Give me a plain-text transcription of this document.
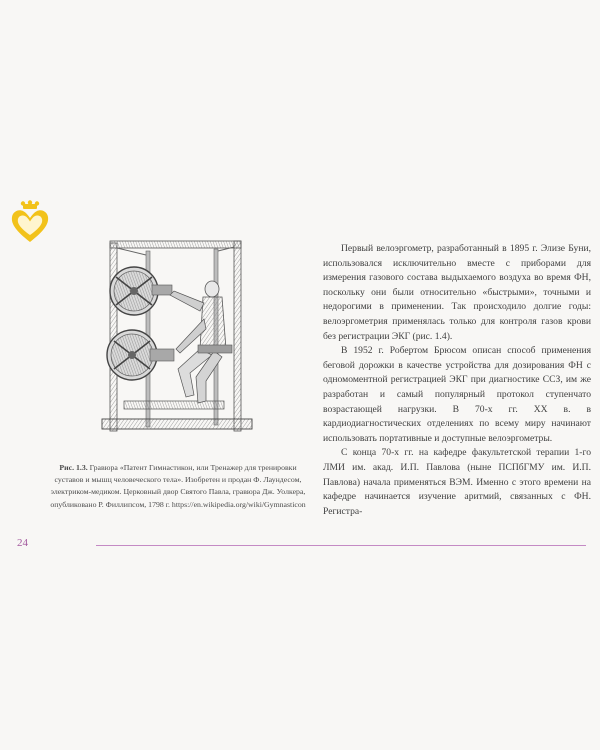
Рис. 1.3. Гравюра «Патент Гимнастикон, или Тренажер для тренировки суставов и мышц человеческого тела». Изобретен и продан Ф. Лаундесом, электриком-медиком. Церковный двор Святого Павла, гравюра Дж. Уолкера, опубликовано Р. Филлипсом, 1798 г. https://en.wikipedia.org/wiki/Gymnasticon

Первый велоэргометр, разработанный в 1895 г. Элизе Буни, использовался исключительно вместе с приборами для измерения газового состава выдыхаемого воздуха во время ФН, поскольку они были относительно «быстрыми», точными и недорогими в применении. Так происходило долгие годы: велоэргометрия применялась только для контроля газов крови без регистрации ЭКГ (рис. 1.4).

В 1952 г. Робертом Брюсом описан способ применения беговой дорожки в качестве устройства для дозирования ФН с одномоментной регистрацией ЭКГ при диагностике ССЗ, им же разработан и самый популярный протокол ступенчато возрастающей нагрузки. В 70-х гг. XX в. в кардиодиагностических отделениях по всему миру начинают использовать портативные и доступные велоэргометры.

С конца 70-х гг. на кафедре факультетской терапии 1-го ЛМИ им. акад. И.П. Павлова (ныне ПСПбГМУ им. И.П. Павлова) начала применяться ВЭМ. Именно с этого времени на кафедре начинается изучение аритмий, связанных с ФН. Регистра-

24
